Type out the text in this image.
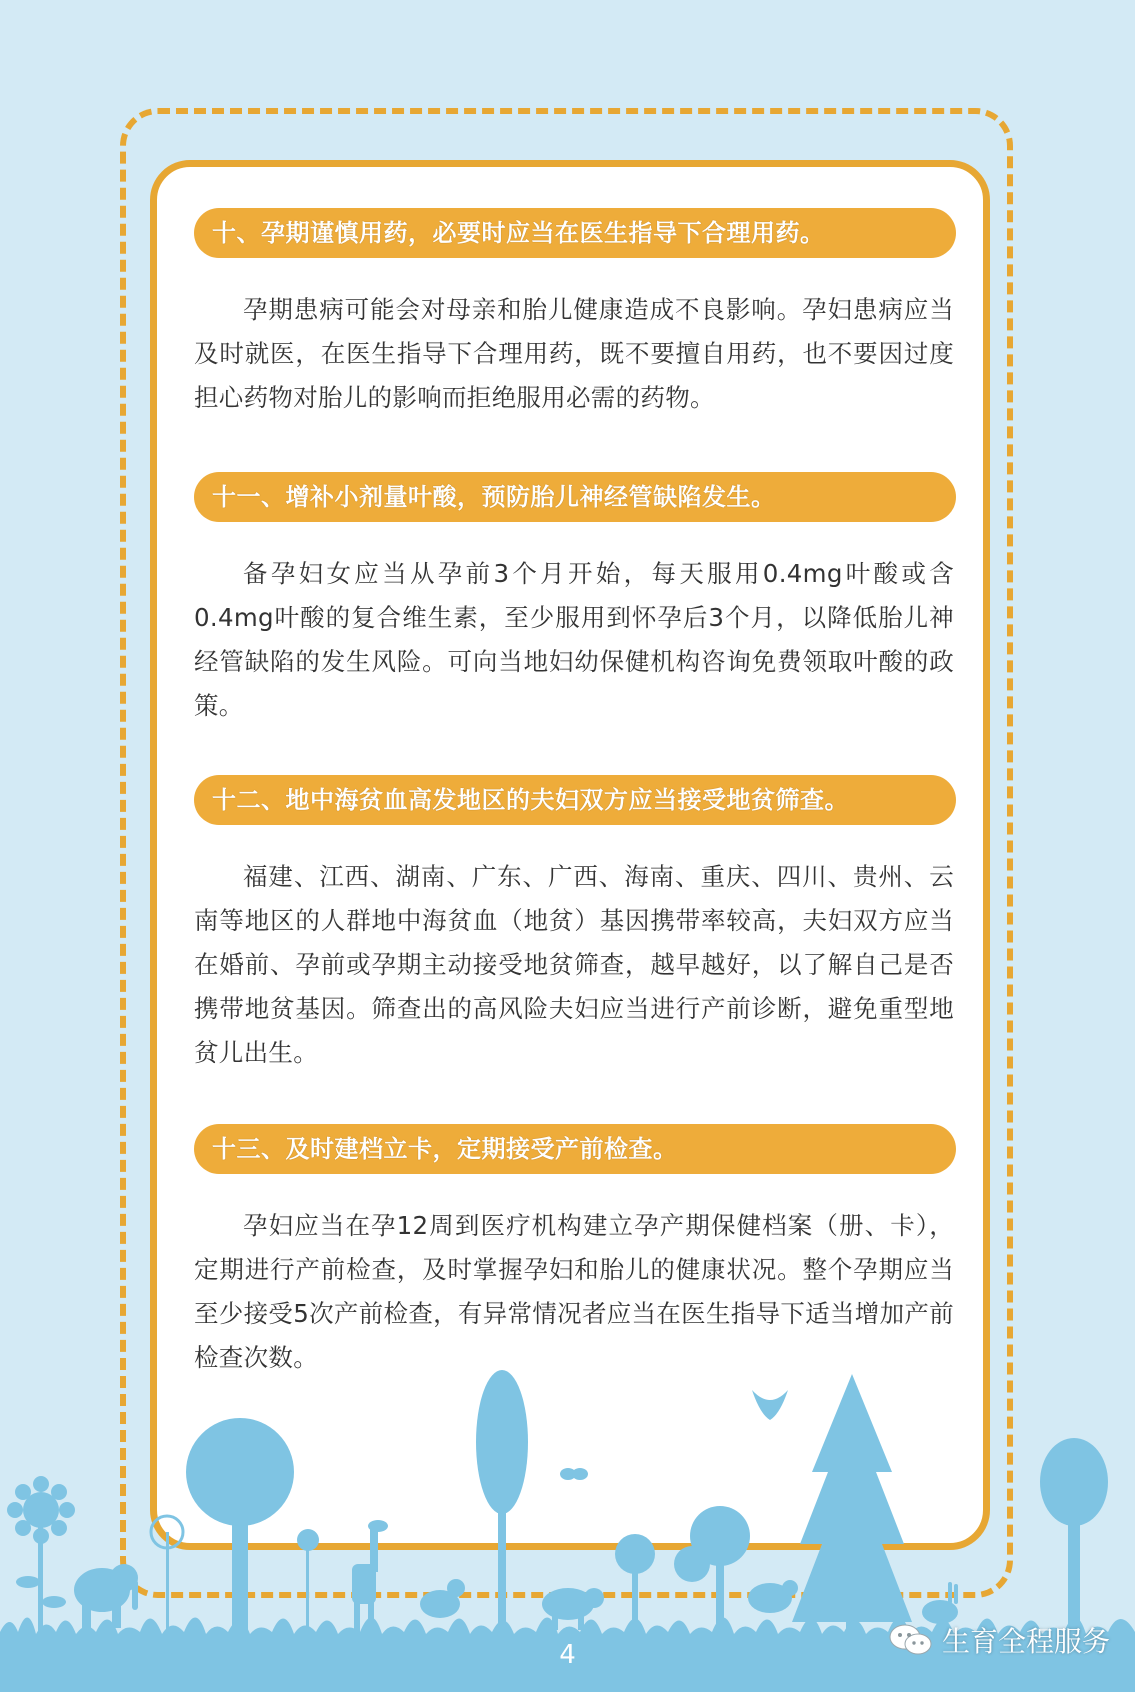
十、孕期谨慎用药，必要时应当在医生指导下合理用药。

孕期患病可能会对母亲和胎儿健康造成不良影响。孕妇患病应当及时就医，在医生指导下合理用药，既不要擅自用药，也不要因过度担心药物对胎儿的影响而拒绝服用必需的药物。

十一、增补小剂量叶酸，预防胎儿神经管缺陷发生。

备孕妇女应当从孕前3个月开始，每天服用0.4mg叶酸或含0.4mg叶酸的复合维生素，至少服用到怀孕后3个月，以降低胎儿神经管缺陷的发生风险。可向当地妇幼保健机构咨询免费领取叶酸的政策。

十二、地中海贫血高发地区的夫妇双方应当接受地贫筛查。

福建、江西、湖南、广东、广西、海南、重庆、四川、贵州、云南等地区的人群地中海贫血（地贫）基因携带率较高，夫妇双方应当在婚前、孕前或孕期主动接受地贫筛查，越早越好，以了解自己是否携带地贫基因。筛查出的高风险夫妇应当进行产前诊断，避免重型地贫儿出生。

十三、及时建档立卡，定期接受产前检查。

孕妇应当在孕12周到医疗机构建立孕产期保健档案（册、卡），定期进行产前检查，及时掌握孕妇和胎儿的健康状况。整个孕期应当至少接受5次产前检查，有异常情况者应当在医生指导下适当增加产前检查次数。

4	生育全程服务
